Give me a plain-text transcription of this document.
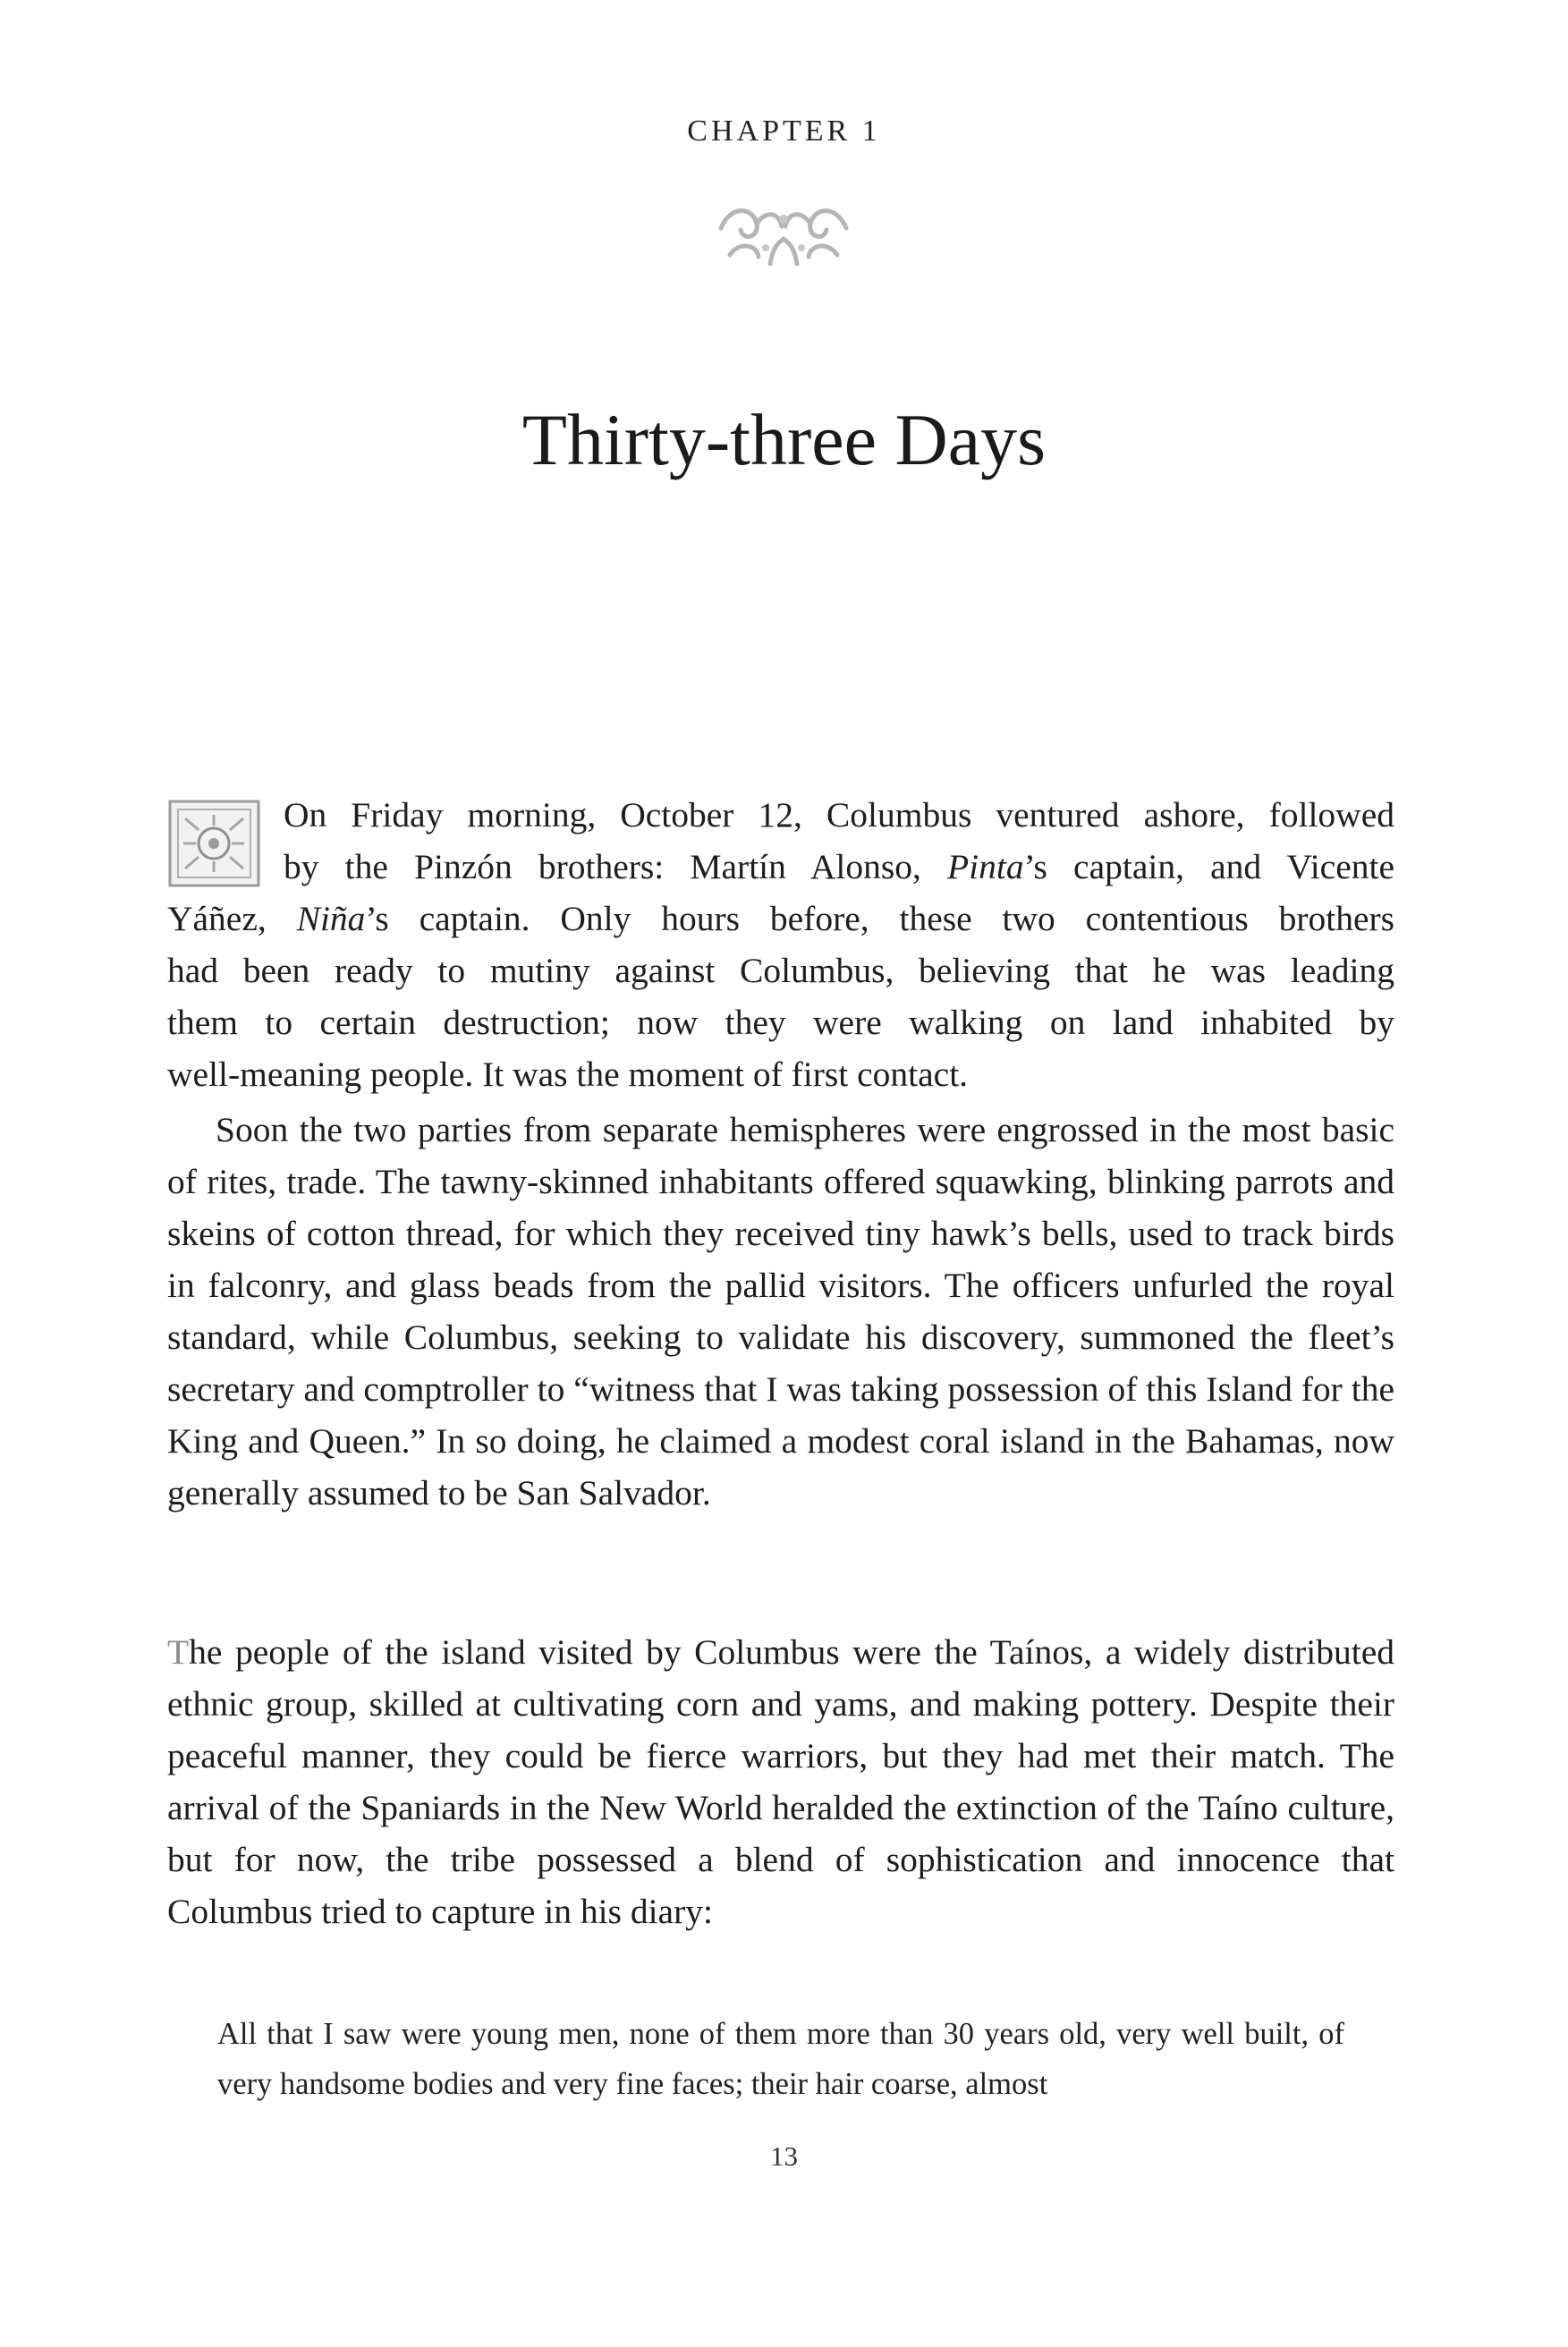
CHAPTER 1
Thirty-three Days
On Friday morning, October 12, Columbus ventured ashore, followed
by the Pinzón brothers: Martín Alonso, Pinta’s captain, and Vicente
Yáñez, Niña’s captain. Only hours before, these two contentious brothers
had been ready to mutiny against Columbus, believing that he was leading
them to certain destruction; now they were walking on land inhabited by
well-meaning people. It was the moment of first contact.
Soon the two parties from separate hemispheres were engrossed in the most basic of rites, trade. The tawny-skinned inhabitants offered squawking, blinking parrots and skeins of cotton thread, for which they received tiny hawk’s bells, used to track birds in falconry, and glass beads from the pallid visitors. The officers unfurled the royal standard, while Columbus, seeking to validate his discovery, summoned the fleet’s secretary and comptroller to “witness that I was taking possession of this Island for the King and Queen.” In so doing, he claimed a modest coral island in the Bahamas, now generally assumed to be San Salvador.
The people of the island visited by Columbus were the Taínos, a widely distributed ethnic group, skilled at cultivating corn and yams, and making pottery. Despite their peaceful manner, they could be fierce warriors, but they had met their match. The arrival of the Spaniards in the New World heralded the extinction of the Taíno culture, but for now, the tribe possessed a blend of sophistication and innocence that Columbus tried to capture in his diary:
All that I saw were young men, none of them more than 30 years old, very well built, of very handsome bodies and very fine faces; their hair coarse, almost
13
